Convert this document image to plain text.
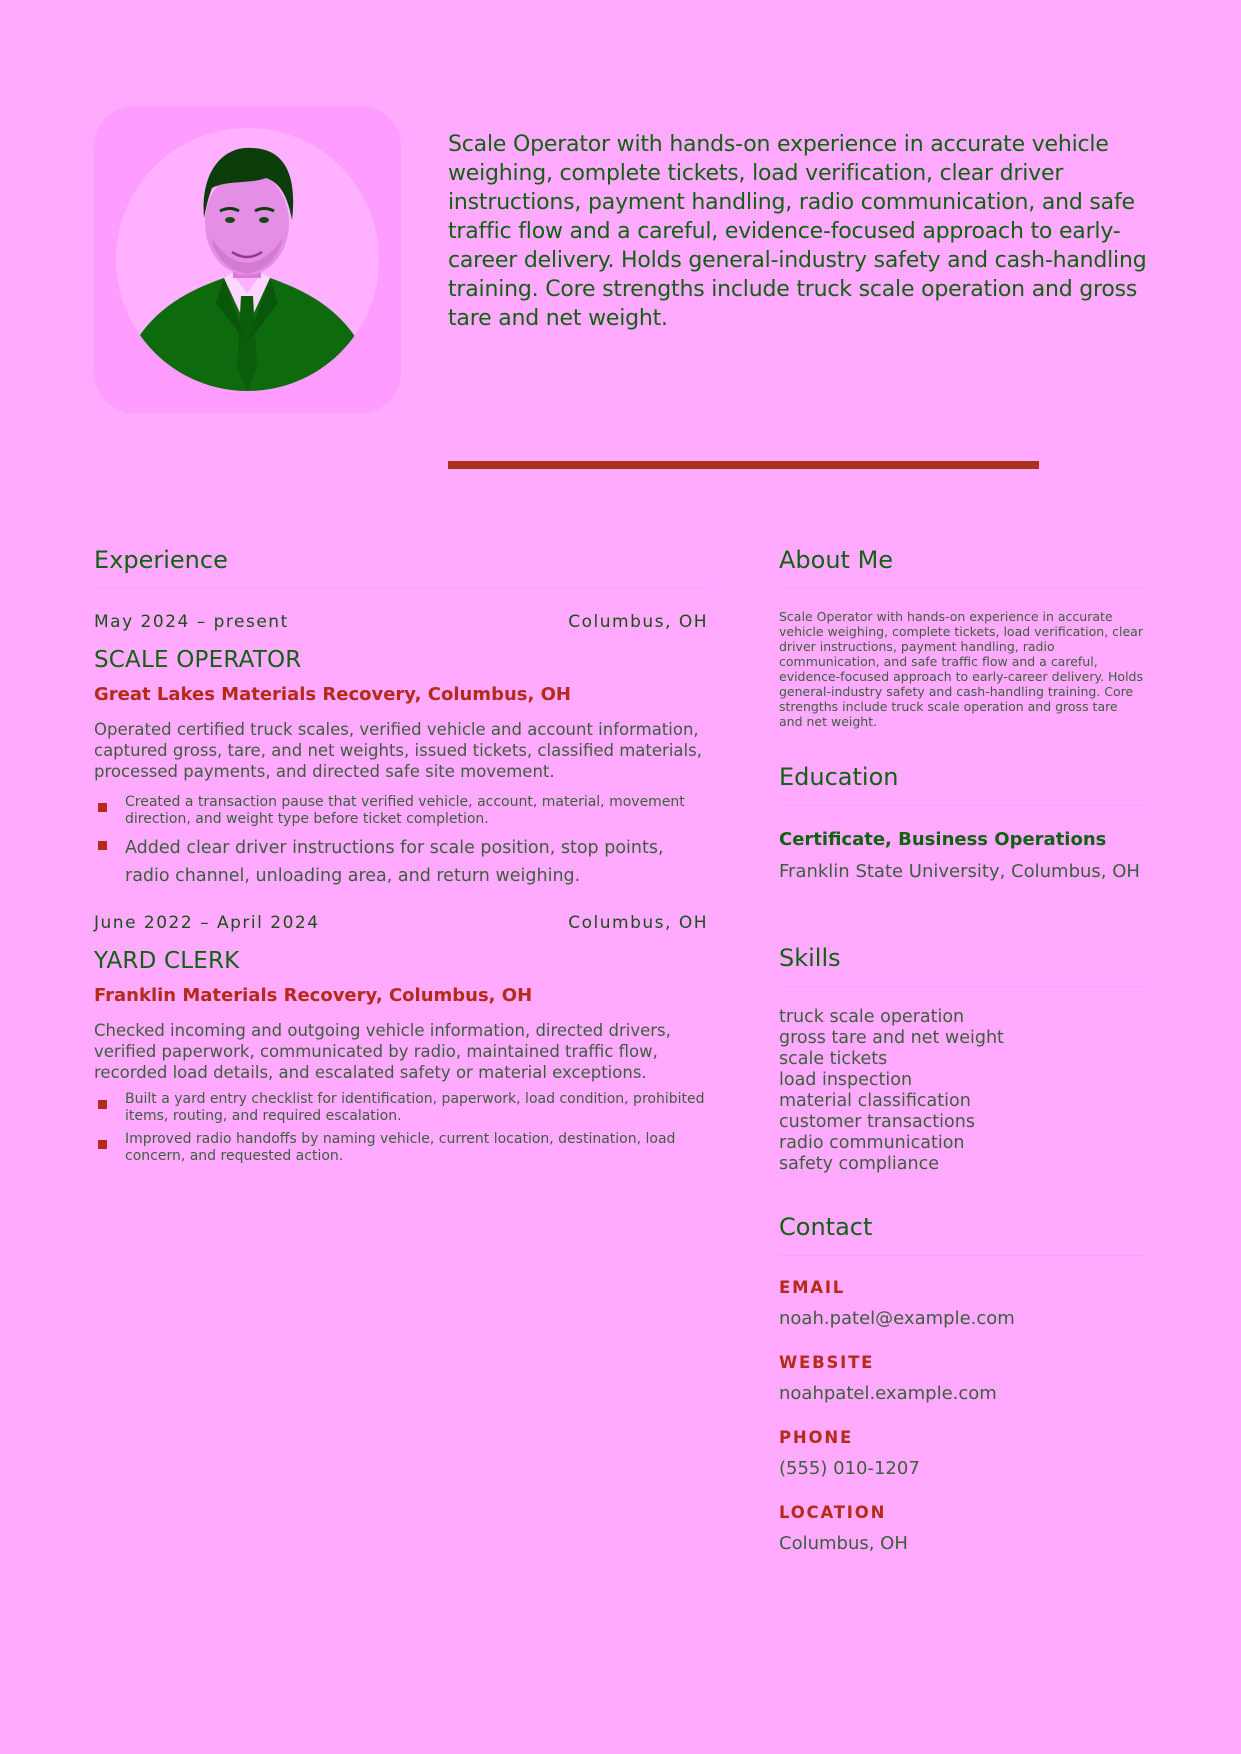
Scale Operator with hands-on experience in accurate vehicle weighing, complete tickets, load verification, clear driver instructions, payment handling, radio communication, and safe traffic flow and a careful, evidence-focused approach to early-career delivery. Holds general-industry safety and cash-handling training. Core strengths include truck scale operation and gross tare and net weight.

Experience
May 2024 – present	Columbus, OH
SCALE OPERATOR
Great Lakes Materials Recovery, Columbus, OH
Operated certified truck scales, verified vehicle and account information, captured gross, tare, and net weights, issued tickets, classified materials, processed payments, and directed safe site movement.
Created a transaction pause that verified vehicle, account, material, movement direction, and weight type before ticket completion.
Added clear driver instructions for scale position, stop points, radio channel, unloading area, and return weighing.
June 2022 – April 2024	Columbus, OH
YARD CLERK
Franklin Materials Recovery, Columbus, OH
Checked incoming and outgoing vehicle information, directed drivers, verified paperwork, communicated by radio, maintained traffic flow, recorded load details, and escalated safety or material exceptions.
Built a yard entry checklist for identification, paperwork, load condition, prohibited items, routing, and required escalation.
Improved radio handoffs by naming vehicle, current location, destination, load concern, and requested action.
About Me
Scale Operator with hands-on experience in accurate vehicle weighing, complete tickets, load verification, clear driver instructions, payment handling, radio communication, and safe traffic flow and a careful, evidence-focused approach to early-career delivery. Holds general-industry safety and cash-handling training. Core strengths include truck scale operation and gross tare and net weight.
Education
Certificate, Business Operations
Franklin State University, Columbus, OH
Skills
truck scale operation
gross tare and net weight
scale tickets
load inspection
material classification
customer transactions
radio communication
safety compliance
Contact
EMAIL
noah.patel@example.com
WEBSITE
noahpatel.example.com
PHONE
(555) 010-1207
LOCATION
Columbus, OH
